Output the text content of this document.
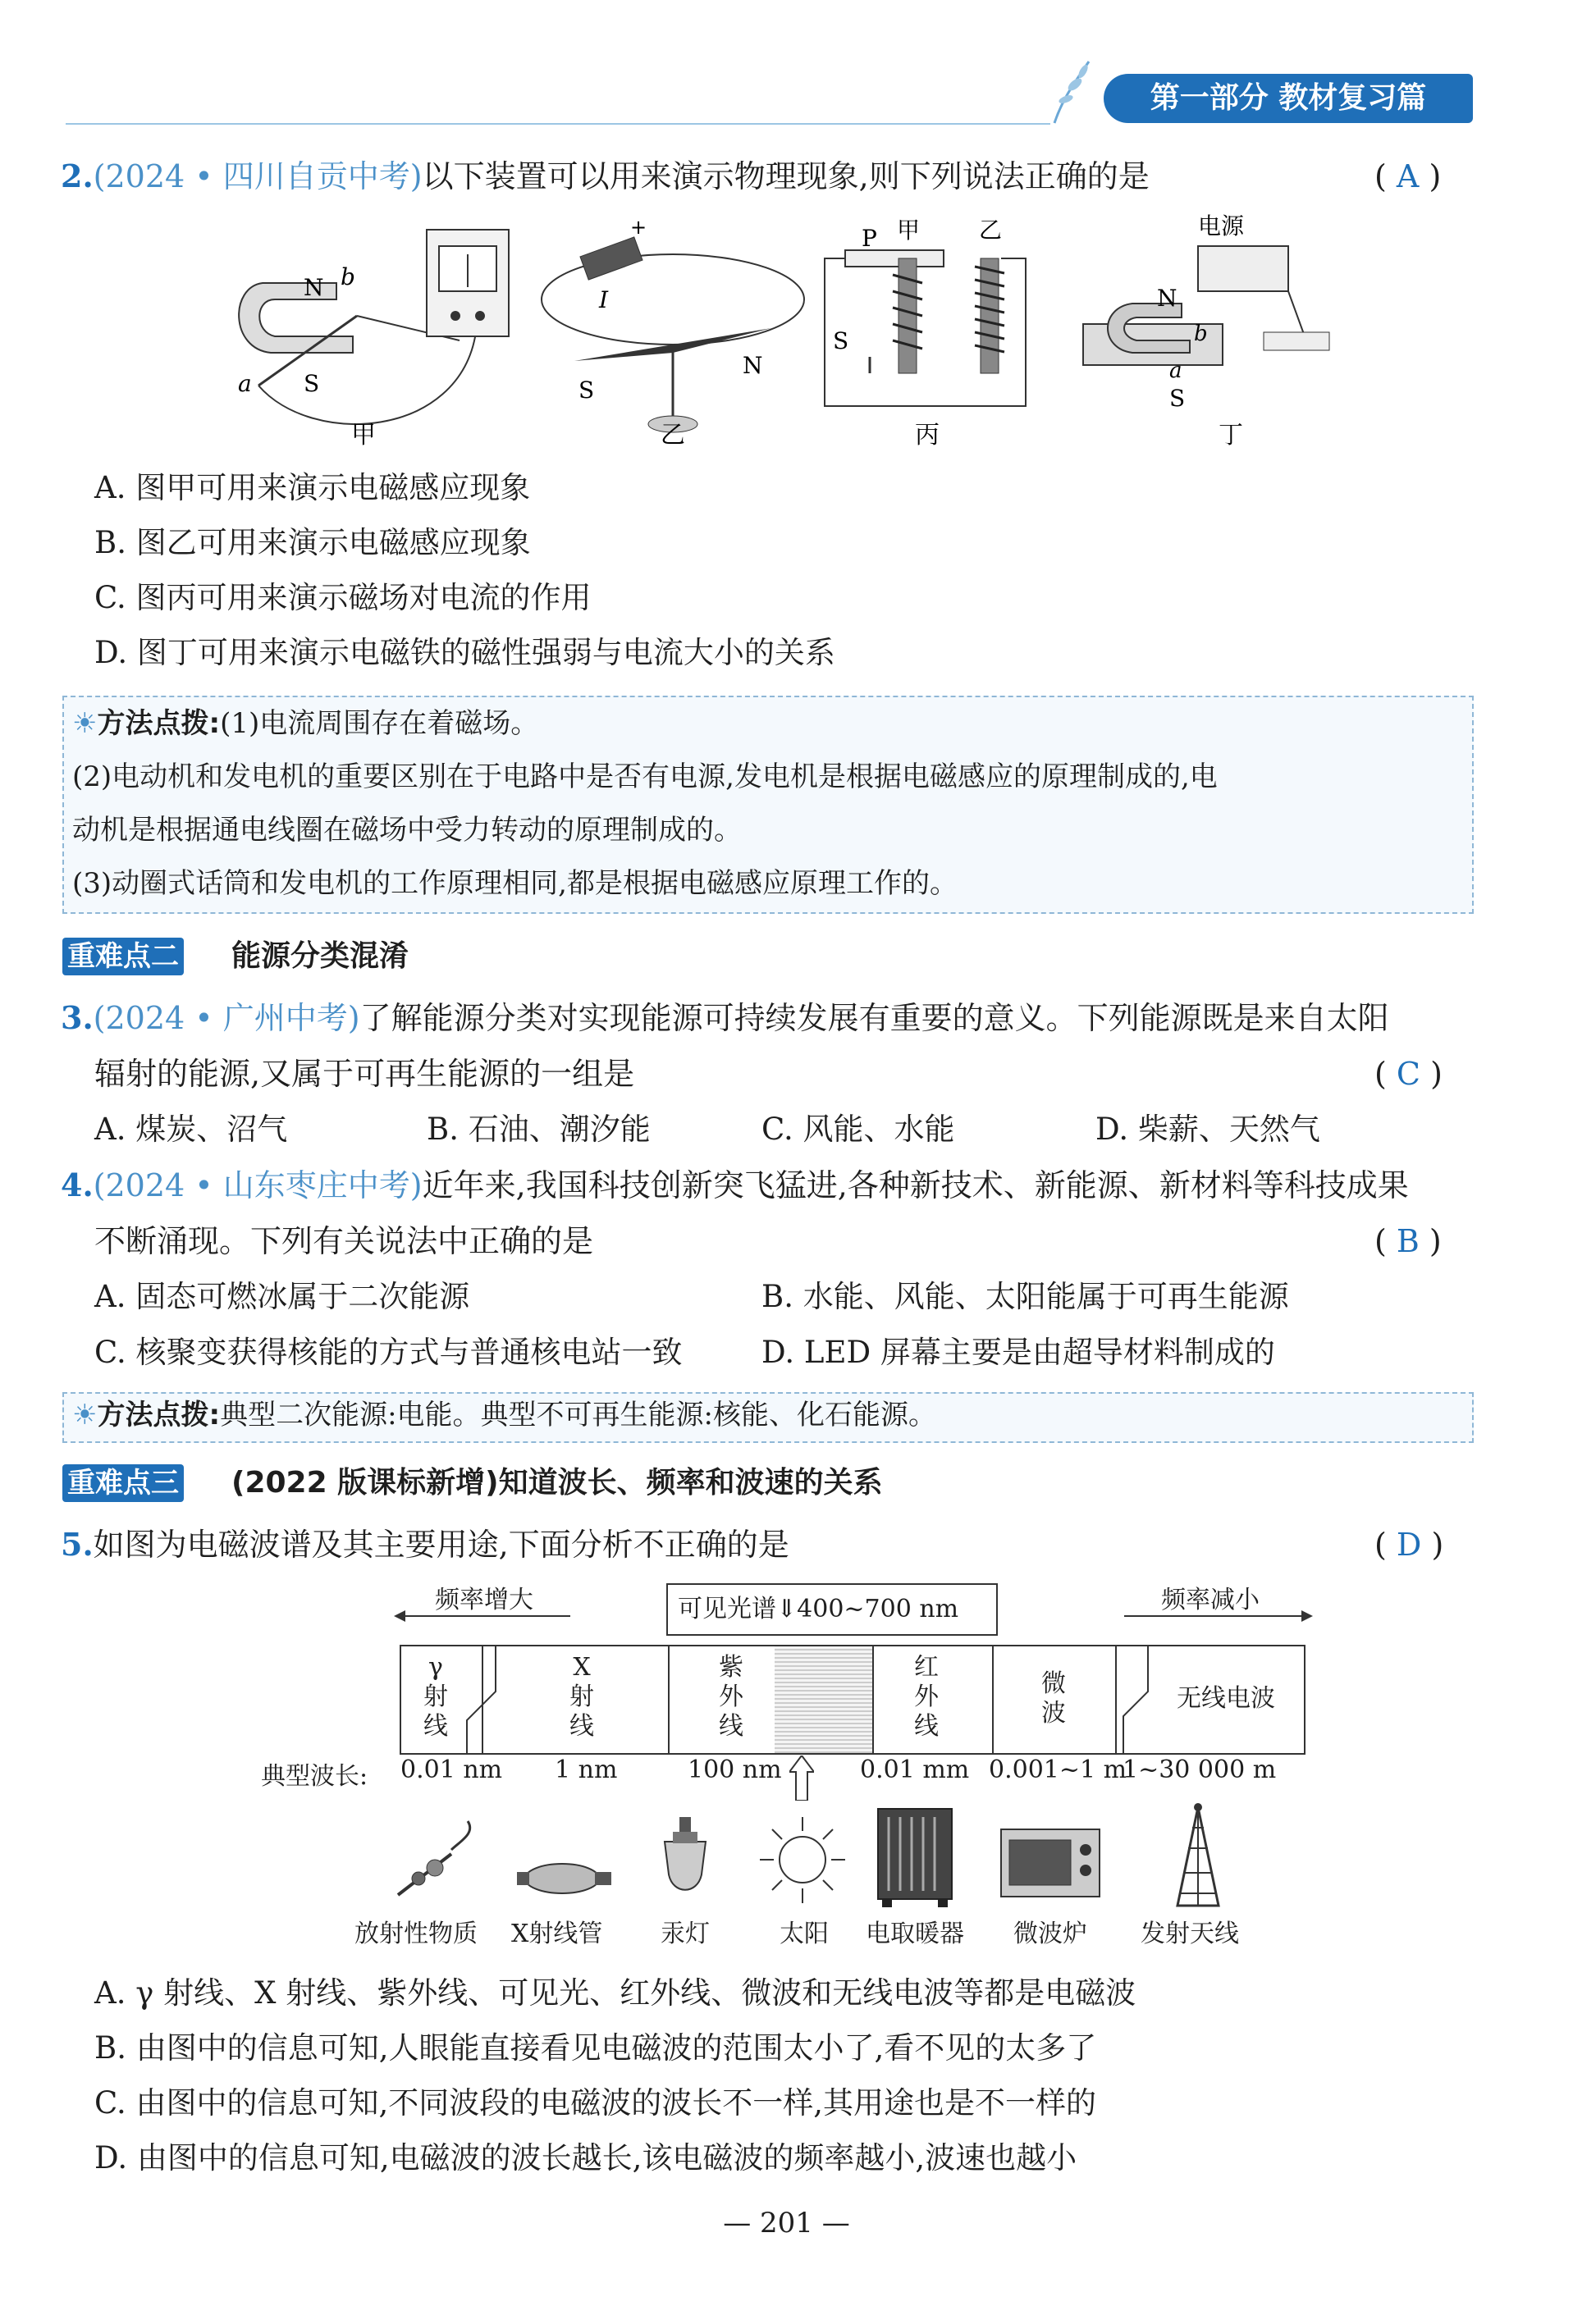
第一部分 教材复习篇
2.(2024 • 四川自贡中考)以下装置可以用来演示物理现象,则下列说法正确的是	( A )
N b
a S
+
I
S
N
P
S
甲	乙	电源
N
b
a
S
甲	乙	丙	丁
A. 图甲可用来演示电磁感应现象
B. 图乙可用来演示电磁感应现象
C. 图丙可用来演示磁场对电流的作用
D. 图丁可用来演示电磁铁的磁性强弱与电流大小的关系
☀方法点拨:(1)电流周围存在着磁场。
(2)电动机和发电机的重要区别在于电路中是否有电源,发电机是根据电磁感应的原理制成的,电
动机是根据通电线圈在磁场中受力转动的原理制成的。
(3)动圈式话筒和发电机的工作原理相同,都是根据电磁感应原理工作的。
重难点二 能源分类混淆
3.(2024 • 广州中考)了解能源分类对实现能源可持续发展有重要的意义。下列能源既是来自太阳
辐射的能源,又属于可再生能源的一组是	( C )
A. 煤炭、沼气	B. 石油、潮汐能	C. 风能、水能	D. 柴薪、天然气
4.(2024 • 山东枣庄中考)近年来,我国科技创新突飞猛进,各种新技术、新能源、新材料等科技成果
不断涌现。下列有关说法中正确的是	( B )
A. 固态可燃冰属于二次能源	B. 水能、风能、太阳能属于可再生能源
C. 核聚变获得核能的方式与普通核电站一致	D. LED 屏幕主要是由超导材料制成的
☀方法点拨:典型二次能源:电能。典型不可再生能源:核能、化石能源。
重难点三 (2022 版课标新增)知道波长、频率和波速的关系
5.如图为电磁波谱及其主要用途,下面分析不正确的是	( D )
频率增大	频率减小
可见光谱⇓400~700 nm
γ射线
X射线
紫外线
红外线
微波
无线电波
典型波长: 0.01 nm 1 nm	100 nm	0.01 mm 0.001~1 m
1~30 000 m
放射性物质 X射线管 汞灯	太阳 电取暖器 微波炉 发射天线
A. γ 射线、X 射线、紫外线、可见光、红外线、微波和无线电波等都是电磁波
B. 由图中的信息可知,人眼能直接看见电磁波的范围太小了,看不见的太多了
C. 由图中的信息可知,不同波段的电磁波的波长不一样,其用途也是不一样的
D. 由图中的信息可知,电磁波的波长越长,该电磁波的频率越小,波速也越小
— 201 —
